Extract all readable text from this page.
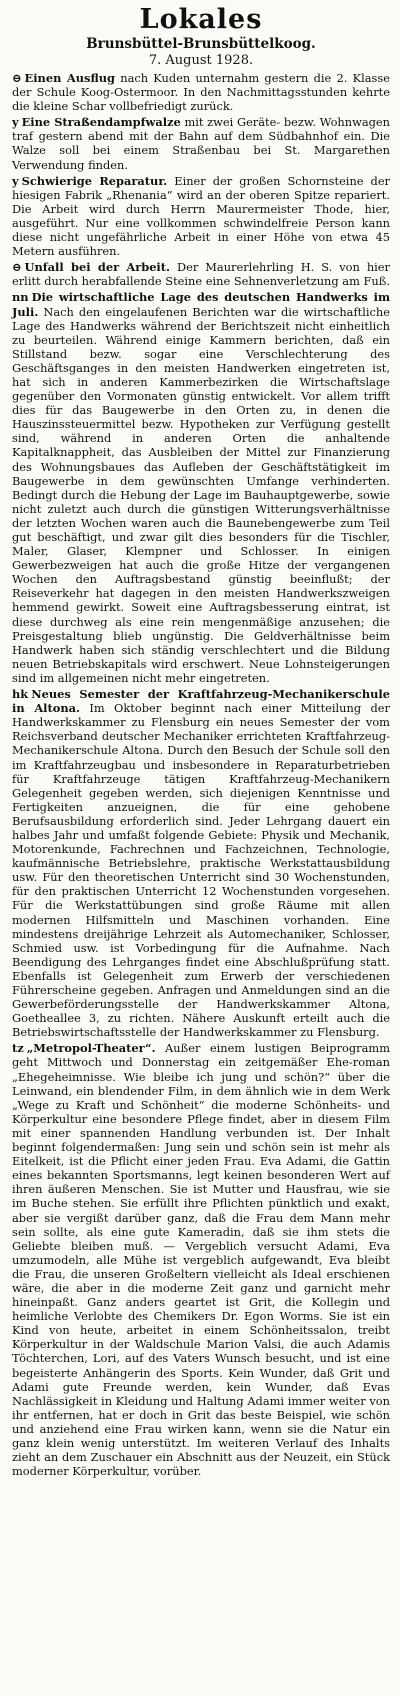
Lokales
Brunsbüttel-Brunsbüttelkoog.
7. August 1928.

⊖ Einen Ausflug nach Kuden unternahm gestern die 2. Klasse der Schule Koog-Ostermoor. In den Nachmittagsstunden kehrte die kleine Schar vollbefriedigt zurück.

y Eine Straßendampfwalze mit zwei Geräte- bezw. Wohnwagen traf gestern abend mit der Bahn auf dem Südbahnhof ein. Die Walze soll bei einem Straßenbau bei St. Margarethen Verwendung finden.

y Schwierige Reparatur. Einer der großen Schornsteine der hiesigen Fabrik „Rhenania“ wird an der oberen Spitze repariert. Die Arbeit wird durch Herrn Maurermeister Thode, hier, ausgeführt. Nur eine vollkommen schwindelfreie Person kann diese nicht ungefährliche Arbeit in einer Höhe von etwa 45 Metern ausführen.

⊖ Unfall bei der Arbeit. Der Maurerlehrling H. S. von hier erlitt durch herabfallende Steine eine Sehnenverletzung am Fuß.

nn Die wirtschaftliche Lage des deutschen Handwerks im Juli. Nach den eingelaufenen Berichten war die wirtschaftliche Lage des Handwerks während der Berichtszeit nicht einheitlich zu beurteilen. Während einige Kammern berichten, daß ein Stillstand bezw. sogar eine Verschlechterung des Geschäftsganges in den meisten Handwerken eingetreten ist, hat sich in anderen Kammerbezirken die Wirtschaftslage gegenüber den Vormonaten günstig entwickelt. Vor allem trifft dies für das Baugewerbe in den Orten zu, in denen die Hauszinssteuermittel bezw. Hypotheken zur Verfügung gestellt sind, während in anderen Orten die anhaltende Kapitalknappheit, das Ausbleiben der Mittel zur Finanzierung des Wohnungsbaues das Aufleben der Geschäftstätigkeit im Baugewerbe in dem gewünschten Umfange verhinderten. Bedingt durch die Hebung der Lage im Bauhauptgewerbe, sowie nicht zuletzt auch durch die günstigen Witterungsverhältnisse der letzten Wochen waren auch die Baunebengewerbe zum Teil gut beschäftigt, und zwar gilt dies besonders für die Tischler, Maler, Glaser, Klempner und Schlosser. In einigen Gewerbezweigen hat auch die große Hitze der vergangenen Wochen den Auftragsbestand günstig beeinflußt; der Reiseverkehr hat dagegen in den meisten Handwerkszweigen hemmend gewirkt. Soweit eine Auftragsbesserung eintrat, ist diese durchweg als eine rein mengenmäßige anzusehen; die Preisgestaltung blieb ungünstig. Die Geldverhältnisse beim Handwerk haben sich ständig verschlechtert und die Bildung neuen Betriebskapitals wird erschwert. Neue Lohnsteigerungen sind im allgemeinen nicht mehr eingetreten.

hk Neues Semester der Kraftfahrzeug-Mechanikerschule in Altona. Im Oktober beginnt nach einer Mitteilung der Handwerkskammer zu Flensburg ein neues Semester der vom Reichsverband deutscher Mechaniker errichteten Kraftfahrzeug-Mechanikerschule Altona. Durch den Besuch der Schule soll den im Kraftfahrzeugbau und insbesondere in Reparaturbetrieben für Kraftfahrzeuge tätigen Kraftfahrzeug-Mechanikern Gelegenheit gegeben werden, sich diejenigen Kenntnisse und Fertigkeiten anzueignen, die für eine gehobene Berufsausbildung erforderlich sind. Jeder Lehrgang dauert ein halbes Jahr und umfaßt folgende Gebiete: Physik und Mechanik, Motorenkunde, Fachrechnen und Fachzeichnen, Technologie, kaufmännische Betriebslehre, praktische Werkstattausbildung usw. Für den theoretischen Unterricht sind 30 Wochenstunden, für den praktischen Unterricht 12 Wochenstunden vorgesehen. Für die Werkstattübungen sind große Räume mit allen modernen Hilfsmitteln und Maschinen vorhanden. Eine mindestens dreijährige Lehrzeit als Automechaniker, Schlosser, Schmied usw. ist Vorbedingung für die Aufnahme. Nach Beendigung des Lehrganges findet eine Abschlußprüfung statt. Ebenfalls ist Gelegenheit zum Erwerb der verschiedenen Führerscheine gegeben. Anfragen und Anmeldungen sind an die Gewerbeförderungsstelle der Handwerkskammer Altona, Goetheallee 3, zu richten. Nähere Auskunft erteilt auch die Betriebswirtschaftsstelle der Handwerkskammer zu Flensburg.

tz „Metropol-Theater“. Außer einem lustigen Beiprogramm geht Mittwoch und Donnerstag ein zeitgemäßer Ehe-roman „Ehegeheimnisse. Wie bleibe ich jung und schön?“ über die Leinwand, ein blendender Film, in dem ähnlich wie in dem Werk „Wege zu Kraft und Schönheit“ die moderne Schönheits- und Körperkultur eine besondere Pflege findet, aber in diesem Film mit einer spannenden Handlung verbunden ist. Der Inhalt beginnt folgendermaßen: Jung sein und schön sein ist mehr als Eitelkeit, ist die Pflicht einer jeden Frau. Eva Adami, die Gattin eines bekannten Sportsmanns, legt keinen besonderen Wert auf ihren äußeren Menschen. Sie ist Mutter und Hausfrau, wie sie im Buche stehen. Sie erfüllt ihre Pflichten pünktlich und exakt, aber sie vergißt darüber ganz, daß die Frau dem Mann mehr sein sollte, als eine gute Kameradin, daß sie ihm stets die Geliebte bleiben muß. — Vergeblich versucht Adami, Eva umzumodeln, alle Mühe ist vergeblich aufgewandt, Eva bleibt die Frau, die unseren Großeltern vielleicht als Ideal erschienen wäre, die aber in die moderne Zeit ganz und garnicht mehr hineinpaßt. Ganz anders geartet ist Grit, die Kollegin und heimliche Verlobte des Chemikers Dr. Egon Worms. Sie ist ein Kind von heute, arbeitet in einem Schönheitssalon, treibt Körperkultur in der Waldschule Marion Valsi, die auch Adamis Töchterchen, Lori, auf des Vaters Wunsch besucht, und ist eine begeisterte Anhängerin des Sports. Kein Wunder, daß Grit und Adami gute Freunde werden, kein Wunder, daß Evas Nachlässigkeit in Kleidung und Haltung Adami immer weiter von ihr entfernen, hat er doch in Grit das beste Beispiel, wie schön und anziehend eine Frau wirken kann, wenn sie die Natur ein ganz klein wenig unterstützt. Im weiteren Verlauf des Inhalts zieht an dem Zuschauer ein Abschnitt aus der Neuzeit, ein Stück moderner Körperkultur, vorüber.
